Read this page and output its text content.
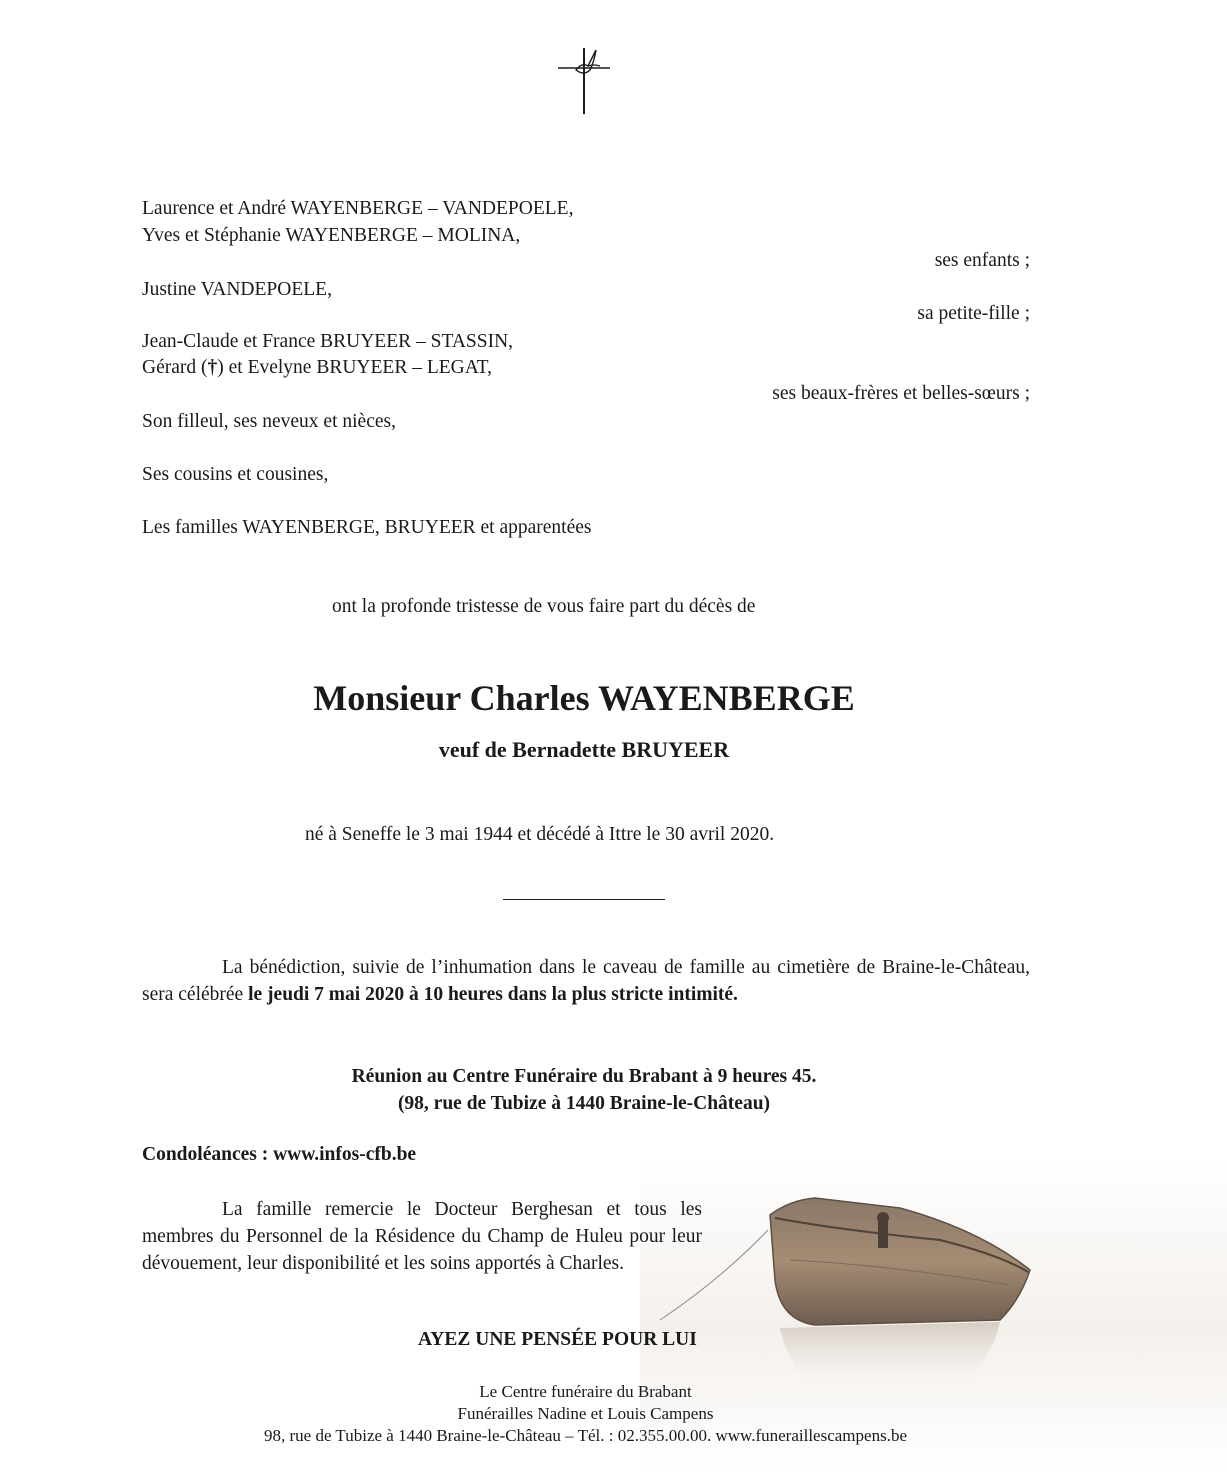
Laurence et André WAYENBERGE – VANDEPOELE,
Yves et Stéphanie WAYENBERGE – MOLINA,
ses enfants ;
Justine VANDEPOELE,
sa petite-fille ;
Jean-Claude et France BRUYEER – STASSIN,
Gérard (†) et Evelyne BRUYEER – LEGAT,
ses beaux-frères et belles-sœurs ;
Son filleul, ses neveux et nièces,
Ses cousins et cousines,
Les familles WAYENBERGE, BRUYEER et apparentées
ont la profonde tristesse de vous faire part du décès de
Monsieur Charles WAYENBERGE
veuf de Bernadette BRUYEER
né à Seneffe le 3 mai 1944 et décédé à Ittre le 30 avril 2020.
La bénédiction, suivie de l’inhumation dans le caveau de famille au cimetière de Braine-le-Château, sera célébrée le jeudi 7 mai 2020 à 10 heures dans la plus stricte intimité.
Réunion au Centre Funéraire du Brabant à 9 heures 45.
(98, rue de Tubize à 1440 Braine-le-Château)
Condoléances : www.infos-cfb.be
La famille remercie le Docteur Berghesan et tous les membres du Personnel de la Résidence du Champ de Huleu pour leur dévouement, leur disponibilité et les soins apportés à Charles.
AYEZ UNE PENSÉE POUR LUI
Le Centre funéraire du Brabant
Funérailles Nadine et Louis Campens
98, rue de Tubize à 1440 Braine-le-Château – Tél. : 02.355.00.00. www.funeraillescampens.be
